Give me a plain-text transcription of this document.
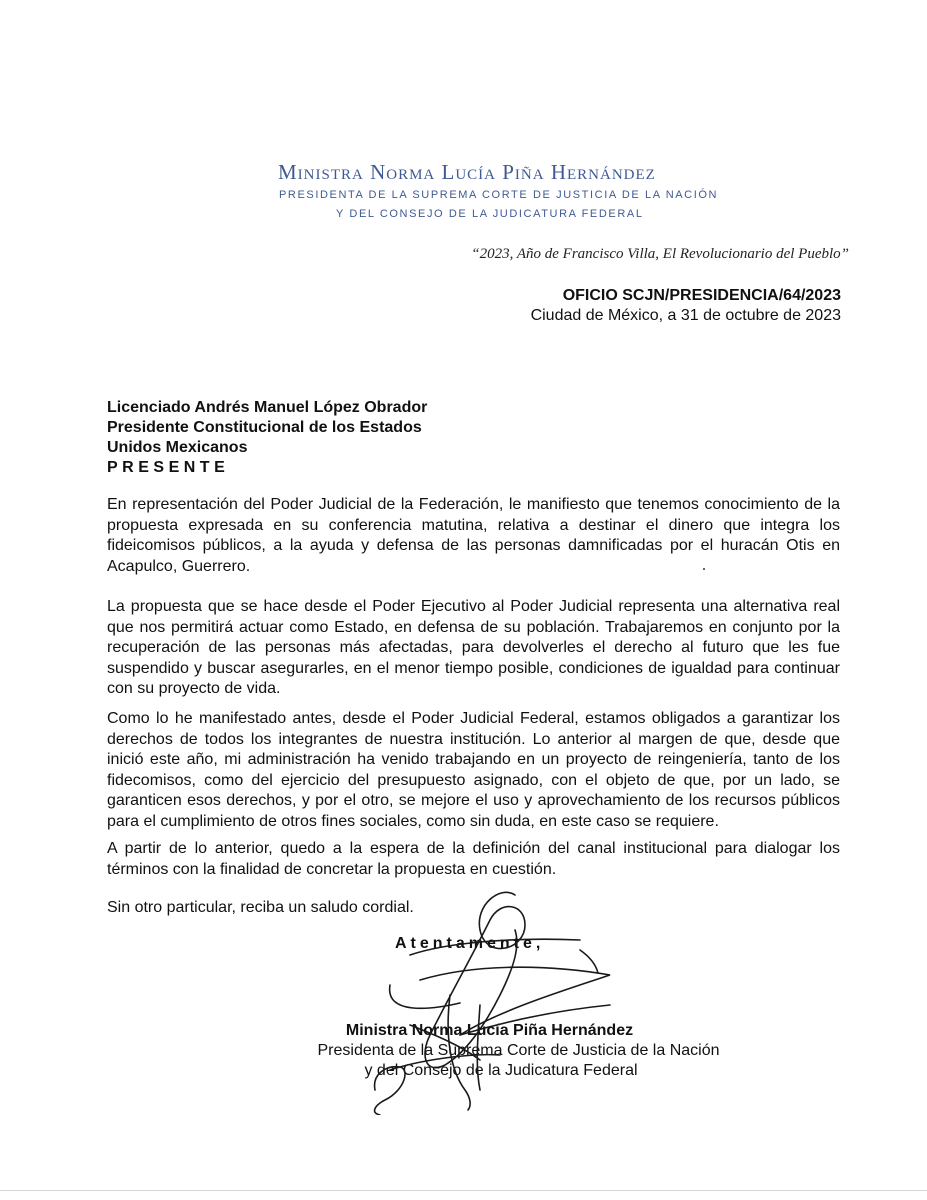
Ministra Norma Lucía Piña Hernández
PRESIDENTA DE LA SUPREMA CORTE DE JUSTICIA DE LA NACIÓN
Y DEL CONSEJO DE LA JUDICATURA FEDERAL
“2023, Año de Francisco Villa, El Revolucionario del Pueblo”
OFICIO SCJN/PRESIDENCIA/64/2023
Ciudad de México, a 31 de octubre de 2023
Licenciado Andrés Manuel López Obrador
Presidente Constitucional de los Estados
Unidos Mexicanos
PRESENTE
En representación del Poder Judicial de la Federación, le manifiesto que tenemos conocimiento de la propuesta expresada en su conferencia matutina, relativa a destinar el dinero que integra los fideicomisos públicos, a la ayuda y defensa de las personas damnificadas por el huracán Otis en Acapulco, Guerrero.
La propuesta que se hace desde el Poder Ejecutivo al Poder Judicial representa una alternativa real que nos permitirá actuar como Estado, en defensa de su población. Trabajaremos en conjunto por la recuperación de las personas más afectadas, para devolverles el derecho al futuro que les fue suspendido y buscar asegurarles, en el menor tiempo posible, condiciones de igualdad para continuar con su proyecto de vida.
Como lo he manifestado antes, desde el Poder Judicial Federal, estamos obligados a garantizar los derechos de todos los integrantes de nuestra institución. Lo anterior al margen de que, desde que inició este año, mi administración ha venido trabajando en un proyecto de reingeniería, tanto de los fidecomisos, como del ejercicio del presupuesto asignado, con el objeto de que, por un lado, se garanticen esos derechos, y por el otro, se mejore el uso y aprovechamiento de los recursos públicos para el cumplimiento de otros fines sociales, como sin duda, en este caso se requiere.
A partir de lo anterior, quedo a la espera de la definición del canal institucional para dialogar los términos con la finalidad de concretar la propuesta en cuestión.
Sin otro particular, reciba un saludo cordial.
Atentamente,
Ministra Norma Lucía Piña Hernández
Presidenta de la Suprema Corte de Justicia de la Nación
y del Consejo de la Judicatura Federal
